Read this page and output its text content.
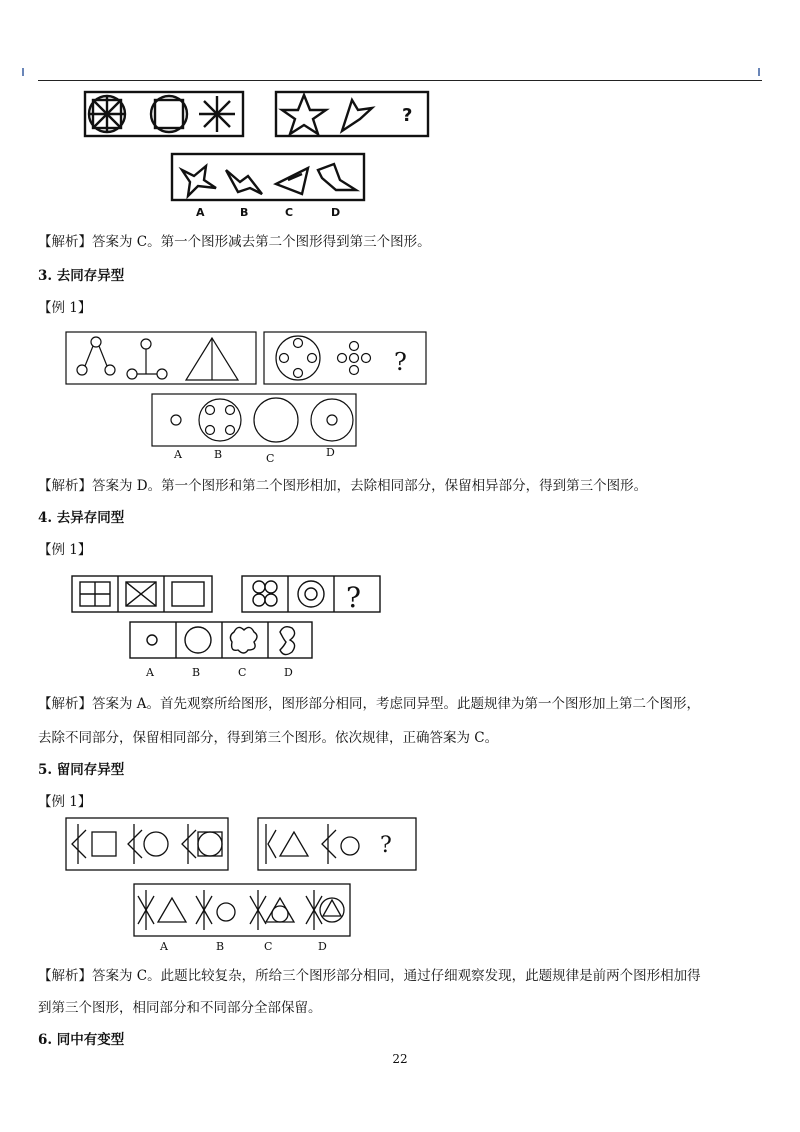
?
A	B	C	D
【解析】答案为 C。第一个图形减去第二个图形得到第三个图形。
3. 去同存异型
【例 1】
?
A	B	C	D
【解析】答案为 D。第一个图形和第二个图形相加，去除相同部分，保留相异部分，得到第三个图形。
4. 去异存同型
【例 1】
?
A	B	C	D
【解析】答案为 A。首先观察所给图形，图形部分相同，考虑同异型。此题规律为第一个图形加上第二个图形，
去除不同部分，保留相同部分，得到第三个图形。依次规律，正确答案为 C。
5. 留同存异型
【例 1】
?
A	B	C	D
【解析】答案为 C。此题比较复杂，所给三个图形部分相同，通过仔细观察发现，此题规律是前两个图形相加得
到第三个图形，相同部分和不同部分全部保留。
6. 同中有变型
22
